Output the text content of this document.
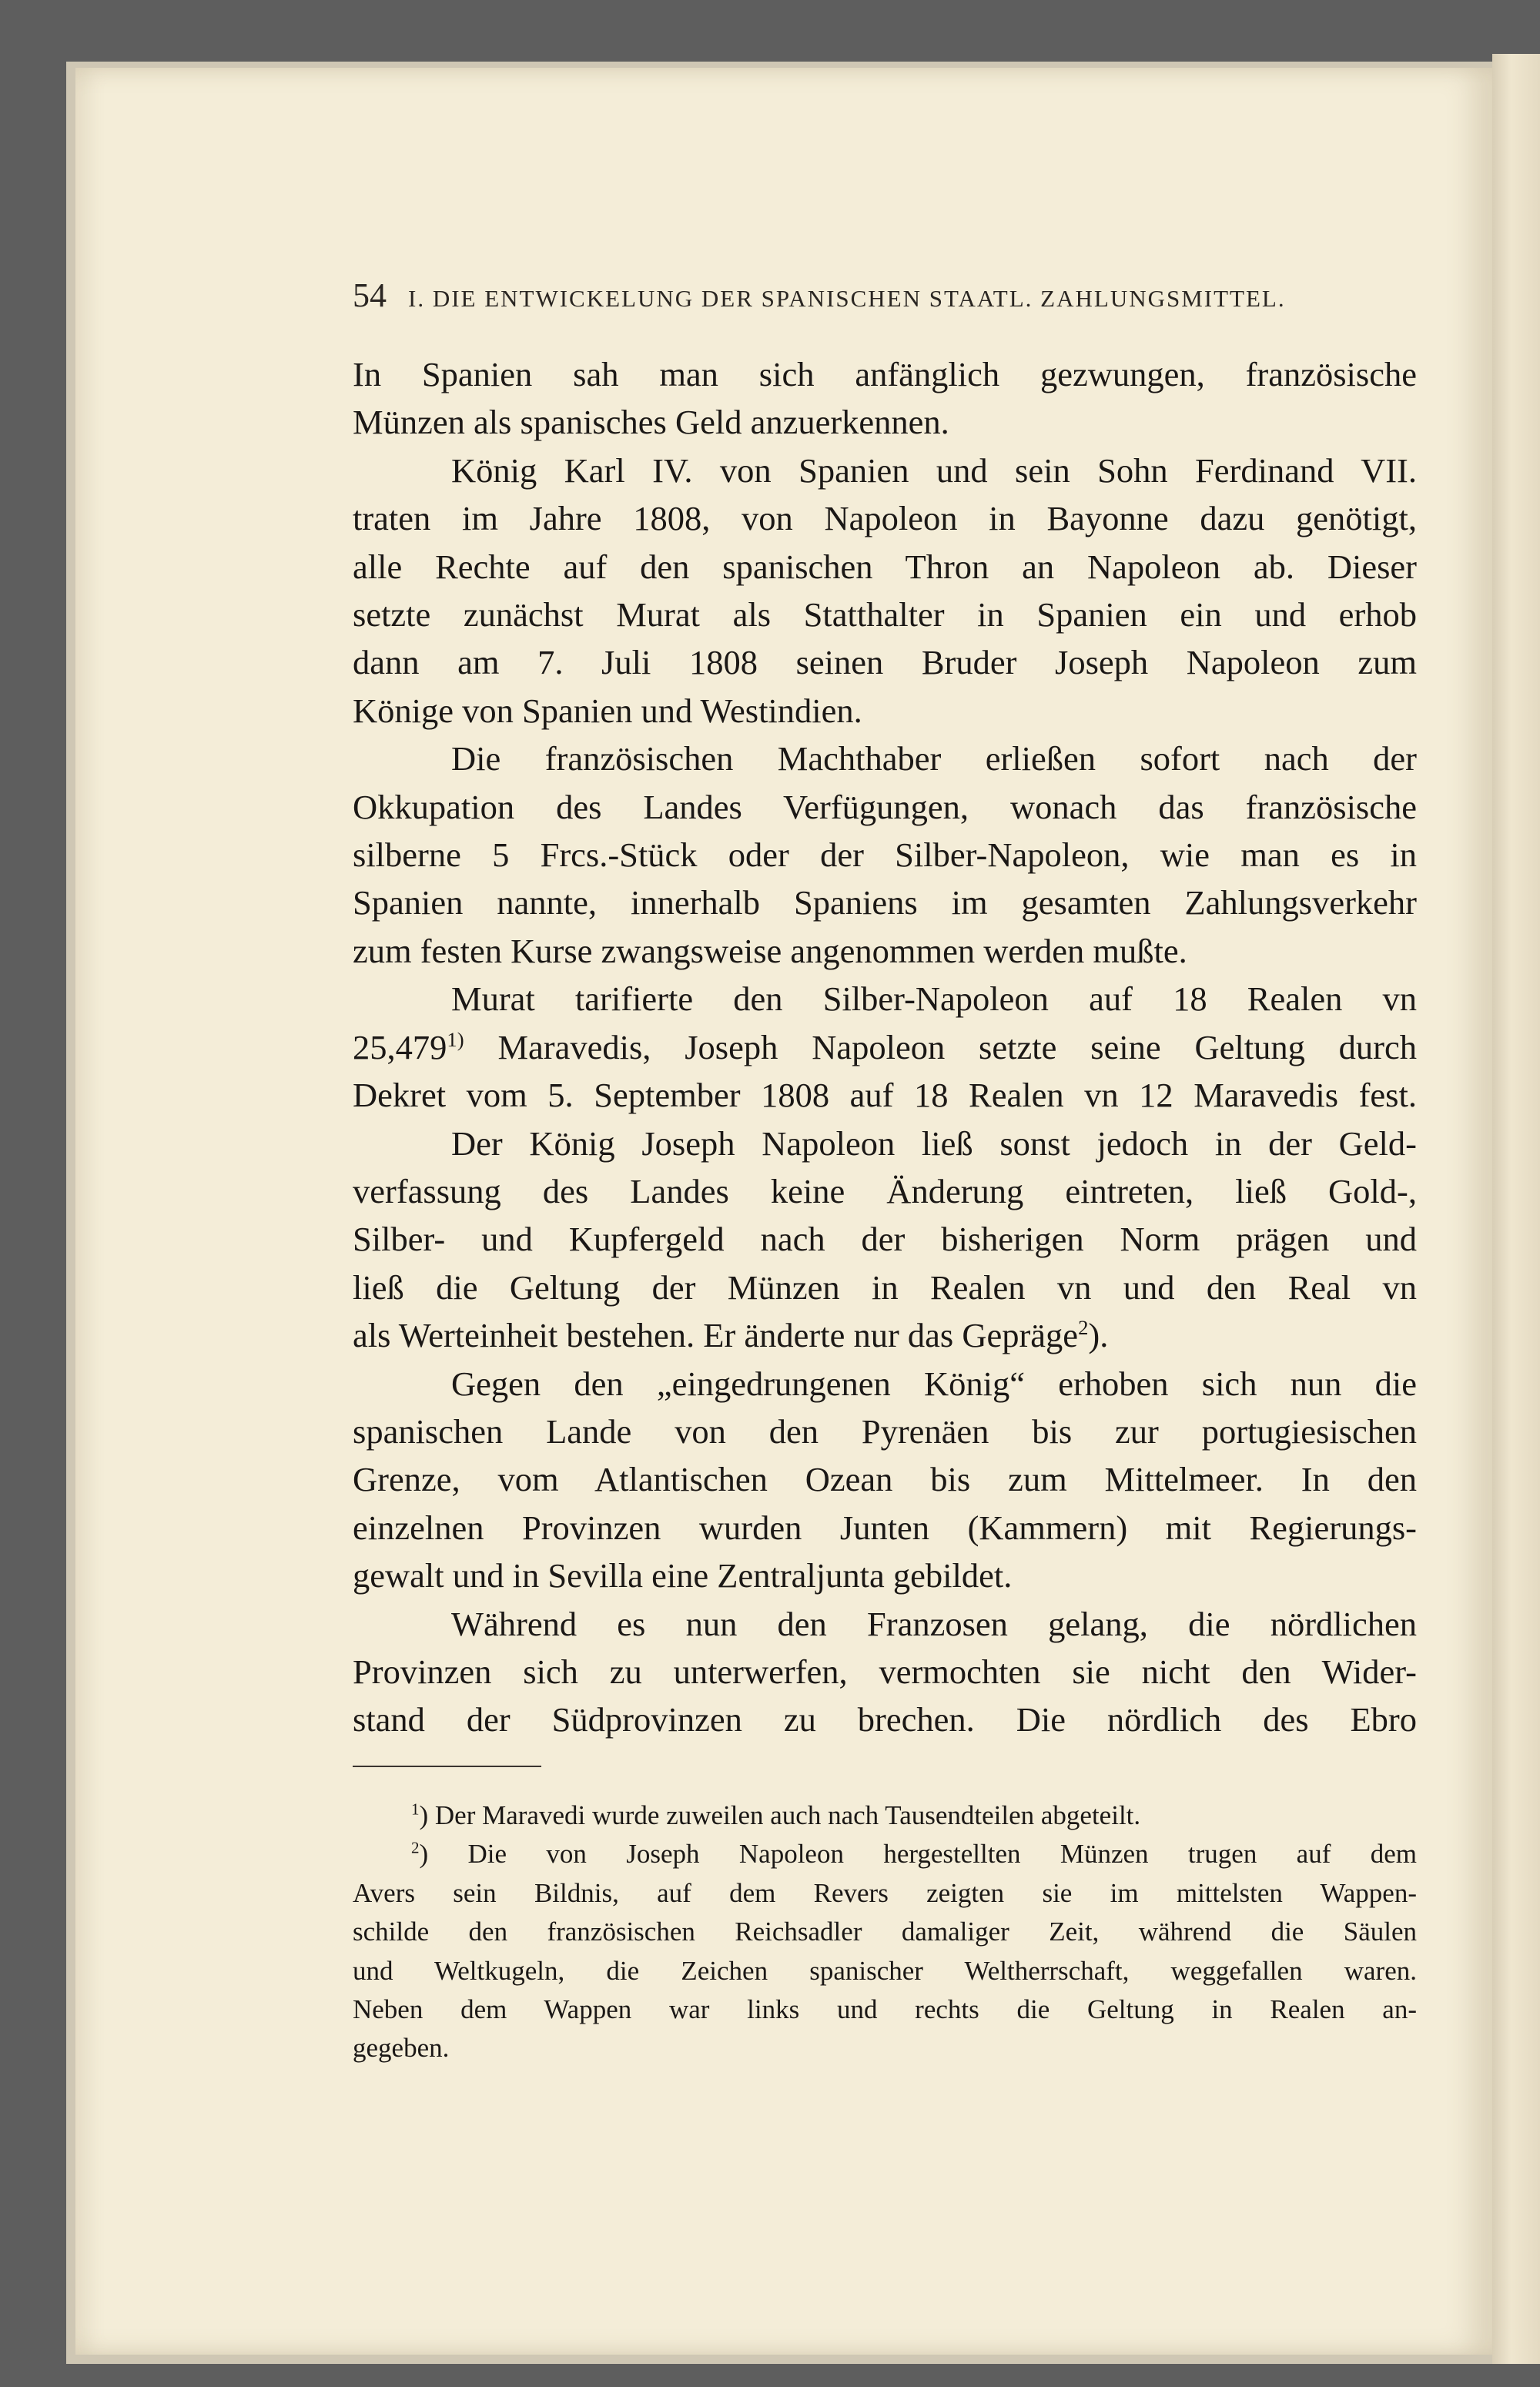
54 I. DIE ENTWICKELUNG DER SPANISCHEN STAATL. ZAHLUNGSMITTEL.

In Spanien sah man sich anfänglich gezwungen, französische
Münzen als spanisches Geld anzuerkennen.

König Karl IV. von Spanien und sein Sohn Ferdinand VII.
traten im Jahre 1808, von Napoleon in Bayonne dazu genötigt,
alle Rechte auf den spanischen Thron an Napoleon ab. Dieser
setzte zunächst Murat als Statthalter in Spanien ein und erhob
dann am 7. Juli 1808 seinen Bruder Joseph Napoleon zum
Könige von Spanien und Westindien.

Die französischen Machthaber erließen sofort nach der
Okkupation des Landes Verfügungen, wonach das französische
silberne 5 Frcs.-Stück oder der Silber-Napoleon, wie man es in
Spanien nannte, innerhalb Spaniens im gesamten Zahlungsverkehr
zum festen Kurse zwangsweise angenommen werden mußte.

Murat tarifierte den Silber-Napoleon auf 18 Realen vn
25,479$^{1)}$ Maravedis, Joseph Napoleon setzte seine Geltung durch
Dekret vom 5. September 1808 auf 18 Realen vn 12 Maravedis fest.

Der König Joseph Napoleon ließ sonst jedoch in der Geld-
verfassung des Landes keine Änderung eintreten, ließ Gold-,
Silber- und Kupfergeld nach der bisherigen Norm prägen und
ließ die Geltung der Münzen in Realen vn und den Real vn
als Werteinheit bestehen. Er änderte nur das Gepräge$^2$).

Gegen den „eingedrungenen König“ erhoben sich nun die
spanischen Lande von den Pyrenäen bis zur portugiesischen
Grenze, vom Atlantischen Ozean bis zum Mittelmeer. In den
einzelnen Provinzen wurden Junten (Kammern) mit Regierungs-
gewalt und in Sevilla eine Zentraljunta gebildet.

Während es nun den Franzosen gelang, die nördlichen
Provinzen sich zu unterwerfen, vermochten sie nicht den Wider-
stand der Südprovinzen zu brechen. Die nördlich des Ebro

$^1$) Der Maravedi wurde zuweilen auch nach Tausendteilen abgeteilt.
$^2$) Die von Joseph Napoleon hergestellten Münzen trugen auf dem
Avers sein Bildnis, auf dem Revers zeigten sie im mittelsten Wappen-
schilde den französischen Reichsadler damaliger Zeit, während die Säulen
und Weltkugeln, die Zeichen spanischer Weltherrschaft, weggefallen waren.
Neben dem Wappen war links und rechts die Geltung in Realen an-
gegeben.
